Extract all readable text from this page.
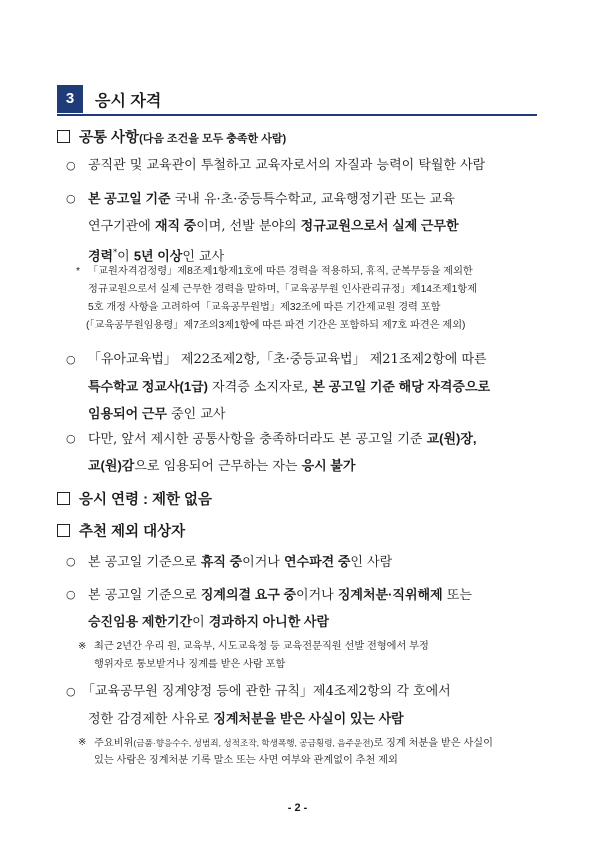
3	응시 자격
공통 사항(다음 조건을 모두 충족한 사람)
○ 공직관 및 교육관이 투철하고 교육자로서의 자질과 능력이 탁월한 사람
○ 본 공고일 기준 국내 유·초·중등특수학교, 교육행정기관 또는 교육
연구기관에 재직 중이며, 선발 분야의 정규교원으로서 실제 근무한
경력*이 5년 이상인 교사
* 「교원자격검정령」제8조제1항제1호에 따른 경력을 적용하되, 휴직, 군복무등을 제외한
정규교원으로서 실제 근무한 경력을 말하며,「교육공무원 인사관리규정」제14조제1항제
5호 개정 사항을 고려하여「교육공무원법」제32조에 따른 기간제교원 경력 포함
(「교육공무원임용령」제7조의3제1항에 따른 파견 기간은 포함하되 제7호 파견은 제외)
○ 「유아교육법」 제22조제2항,「초·중등교육법」 제21조제2항에 따른
특수학교 정교사(1급) 자격증 소지자로, 본 공고일 기준 해당 자격증으로
임용되어 근무 중인 교사
○ 다만, 앞서 제시한 공통사항을 충족하더라도 본 공고일 기준 교(원)장,
교(원)감으로 임용되어 근무하는 자는 응시 불가
응시 연령 : 제한 없음
추천 제외 대상자
○ 본 공고일 기준으로 휴직 중이거나 연수파견 중인 사람
○ 본 공고일 기준으로 징계의결 요구 중이거나 징계처분·직위해제 또는
승진임용 제한기간이 경과하지 아니한 사람
※ 최근 2년간 우리 원, 교육부, 시도교육청 등 교육전문직원 선발 전형에서 부정
행위자로 통보받거나 징계를 받은 사람 포함
○ 「교육공무원 징계양정 등에 관한 규칙」제4조제2항의 각 호에서
정한 감경제한 사유로 징계처분을 받은 사실이 있는 사람
※ 주요비위(금품·향응수수, 성범죄, 성적조작, 학생폭행, 공금횡령, 음주운전)로 징계 처분을 받은 사실이
있는 사람은 징계처분 기록 말소 또는 사면 여부와 관계없이 추천 제외
- 2 -
